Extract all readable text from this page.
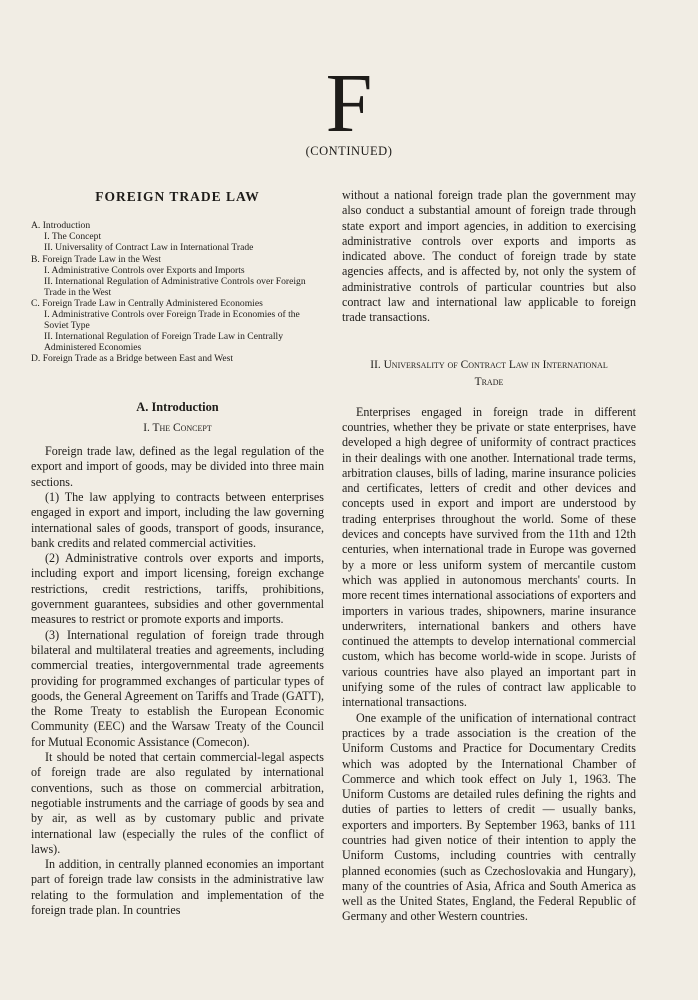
F
(CONTINUED)
FOREIGN TRADE LAW
A. Introduction
I. The Concept
II. Universality of Contract Law in International Trade
B. Foreign Trade Law in the West
I. Administrative Controls over Exports and Imports
II. International Regulation of Administrative Controls over Foreign Trade in the West
C. Foreign Trade Law in Centrally Administered Economies
I. Administrative Controls over Foreign Trade in Economies of the Soviet Type
II. International Regulation of Foreign Trade Law in Centrally Administered Economies
D. Foreign Trade as a Bridge between East and West
A. Introduction
I. The Concept

Foreign trade law, defined as the legal regulation of the export and import of goods, may be divided into three main sections.

(1) The law applying to contracts between enterprises engaged in export and import, including the law governing international sales of goods, transport of goods, insurance, bank credits and related commercial activities.

(2) Administrative controls over exports and imports, including export and import licensing, foreign exchange restrictions, credit restrictions, tariffs, prohibitions, government guarantees, subsidies and other governmental measures to restrict or promote exports and imports.

(3) International regulation of foreign trade through bilateral and multilateral treaties and agreements, including commercial treaties, intergovernmental trade agreements providing for programmed exchanges of particular types of goods, the General Agreement on Tariffs and Trade (GATT), the Rome Treaty to establish the European Economic Community (EEC) and the Warsaw Treaty of the Council for Mutual Economic Assistance (Comecon).

It should be noted that certain commercial-legal aspects of foreign trade are also regulated by international conventions, such as those on commercial arbitration, negotiable instruments and the carriage of goods by sea and by air, as well as by customary public and private international law (especially the rules of the conflict of laws).

In addition, in centrally planned economies an important part of foreign trade law consists in the administrative law relating to the formulation and implementation of the foreign trade plan. In countries

without a national foreign trade plan the government may also conduct a substantial amount of foreign trade through state export and import agencies, in addition to exercising administrative controls over exports and imports as indicated above. The conduct of foreign trade by state agencies affects, and is affected by, not only the system of administrative controls of particular countries but also contract law and international law applicable to foreign trade transactions.

II. Universality of Contract Law in International Trade

Enterprises engaged in foreign trade in different countries, whether they be private or state enterprises, have developed a high degree of uniformity of contract practices in their dealings with one another. International trade terms, arbitration clauses, bills of lading, marine insurance policies and certificates, letters of credit and other devices and concepts used in export and import are understood by trading enterprises throughout the world. Some of these devices and concepts have survived from the 11th and 12th centuries, when international trade in Europe was governed by a more or less uniform system of mercantile custom which was applied in autonomous merchants' courts. In more recent times international associations of exporters and importers in various trades, shipowners, marine insurance underwriters, international bankers and others have continued the attempts to develop international commercial custom, which has become world-wide in scope. Jurists of various countries have also played an important part in unifying some of the rules of contract law applicable to international transactions.

One example of the unification of international contract practices by a trade association is the creation of the Uniform Customs and Practice for Documentary Credits which was adopted by the International Chamber of Commerce and which took effect on July 1, 1963. The Uniform Customs are detailed rules defining the rights and duties of parties to letters of credit — usually banks, exporters and importers. By September 1963, banks of 111 countries had given notice of their intention to apply the Uniform Customs, including countries with centrally planned economies (such as Czechoslovakia and Hungary), many of the countries of Asia, Africa and South America as well as the United States, England, the Federal Republic of Germany and other Western countries.
